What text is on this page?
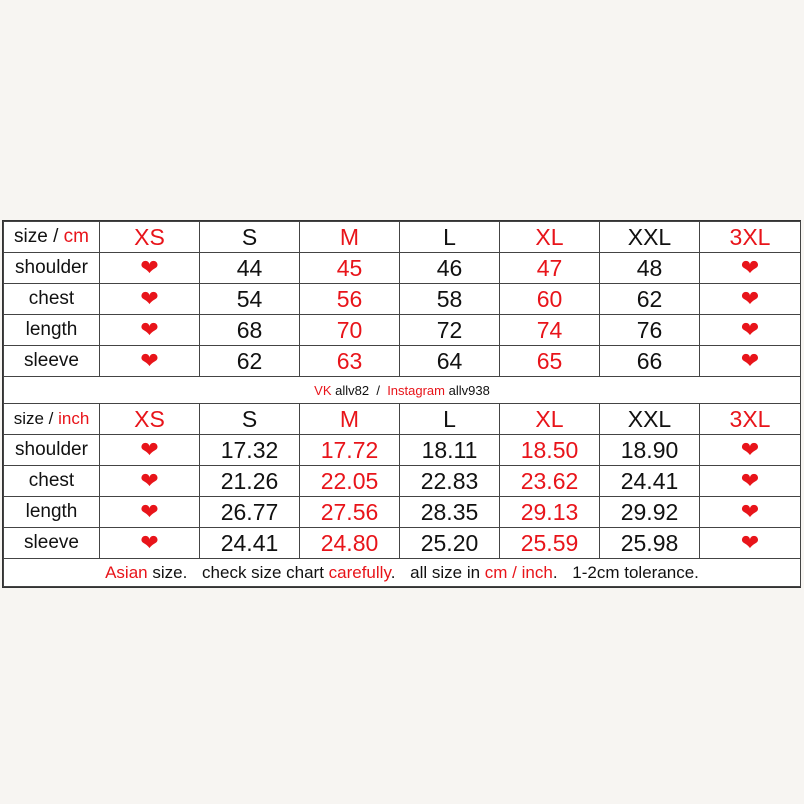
size / cm	XS	S	M	L	XL	XXL	3XL
shoulder	❤	44	45	46	47	48	❤
chest	❤	54	56	58	60	62	❤
length	❤	68	70	72	74	76	❤
sleeve	❤	62	63	64	65	66	❤
VK allv82 / Instagram allv938							
size / inch	XS	S	M	L	XL	XXL	3XL
shoulder	❤	17.32	17.72	18.11	18.50	18.90	❤
chest	❤	21.26	22.05	22.83	23.62	24.41	❤
length	❤	26.77	27.56	28.35	29.13	29.92	❤
sleeve	❤	24.41	24.80	25.20	25.59	25.98	❤
Asian size. check size chart carefully. all size in cm / inch. 1-2cm tolerance.							
